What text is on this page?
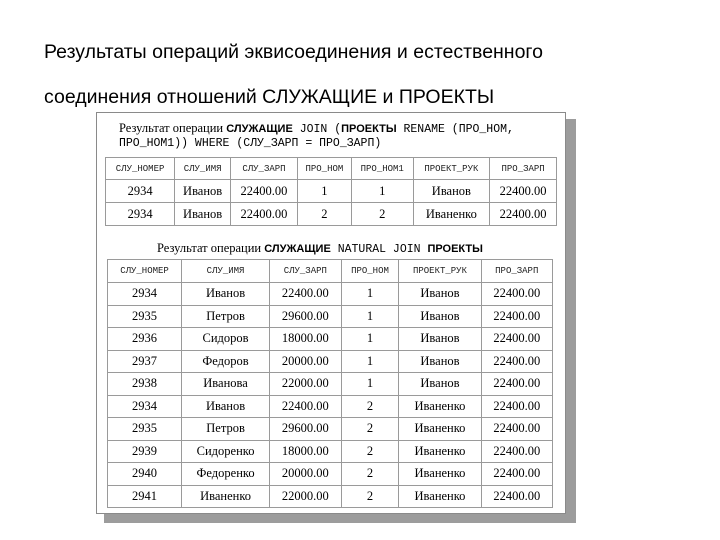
Результаты операций эквисоединения и естественного
соединения отношений СЛУЖАЩИЕ и ПРОЕКТЫ
Результат операции СЛУЖАЩИЕ JOIN (ПРОЕКТЫ RENAME (ПРО_НОМ,
ПРО_НОМ1)) WHERE (СЛУ_ЗАРП = ПРО_ЗАРП)
СЛУ_НОМЕР	СЛУ_ИМЯ	СЛУ_ЗАРП	ПРО_НОМ	ПРО_НОМ1	ПРОЕКТ_РУК	ПРО_ЗАРП
2934	Иванов	22400.00	1	1	Иванов	22400.00
2934	Иванов	22400.00	2	2	Иваненко	22400.00
Результат операции СЛУЖАЩИЕ NATURAL JOIN ПРОЕКТЫ
СЛУ_НОМЕР	СЛУ_ИМЯ	СЛУ_ЗАРП	ПРО_НОМ	ПРОЕКТ_РУК	ПРО_ЗАРП
2934	Иванов	22400.00	1	Иванов	22400.00
2935	Петров	29600.00	1	Иванов	22400.00
2936	Сидоров	18000.00	1	Иванов	22400.00
2937	Федоров	20000.00	1	Иванов	22400.00
2938	Иванова	22000.00	1	Иванов	22400.00
2934	Иванов	22400.00	2	Иваненко	22400.00
2935	Петров	29600.00	2	Иваненко	22400.00
2939	Сидоренко	18000.00	2	Иваненко	22400.00
2940	Федоренко	20000.00	2	Иваненко	22400.00
2941	Иваненко	22000.00	2	Иваненко	22400.00
